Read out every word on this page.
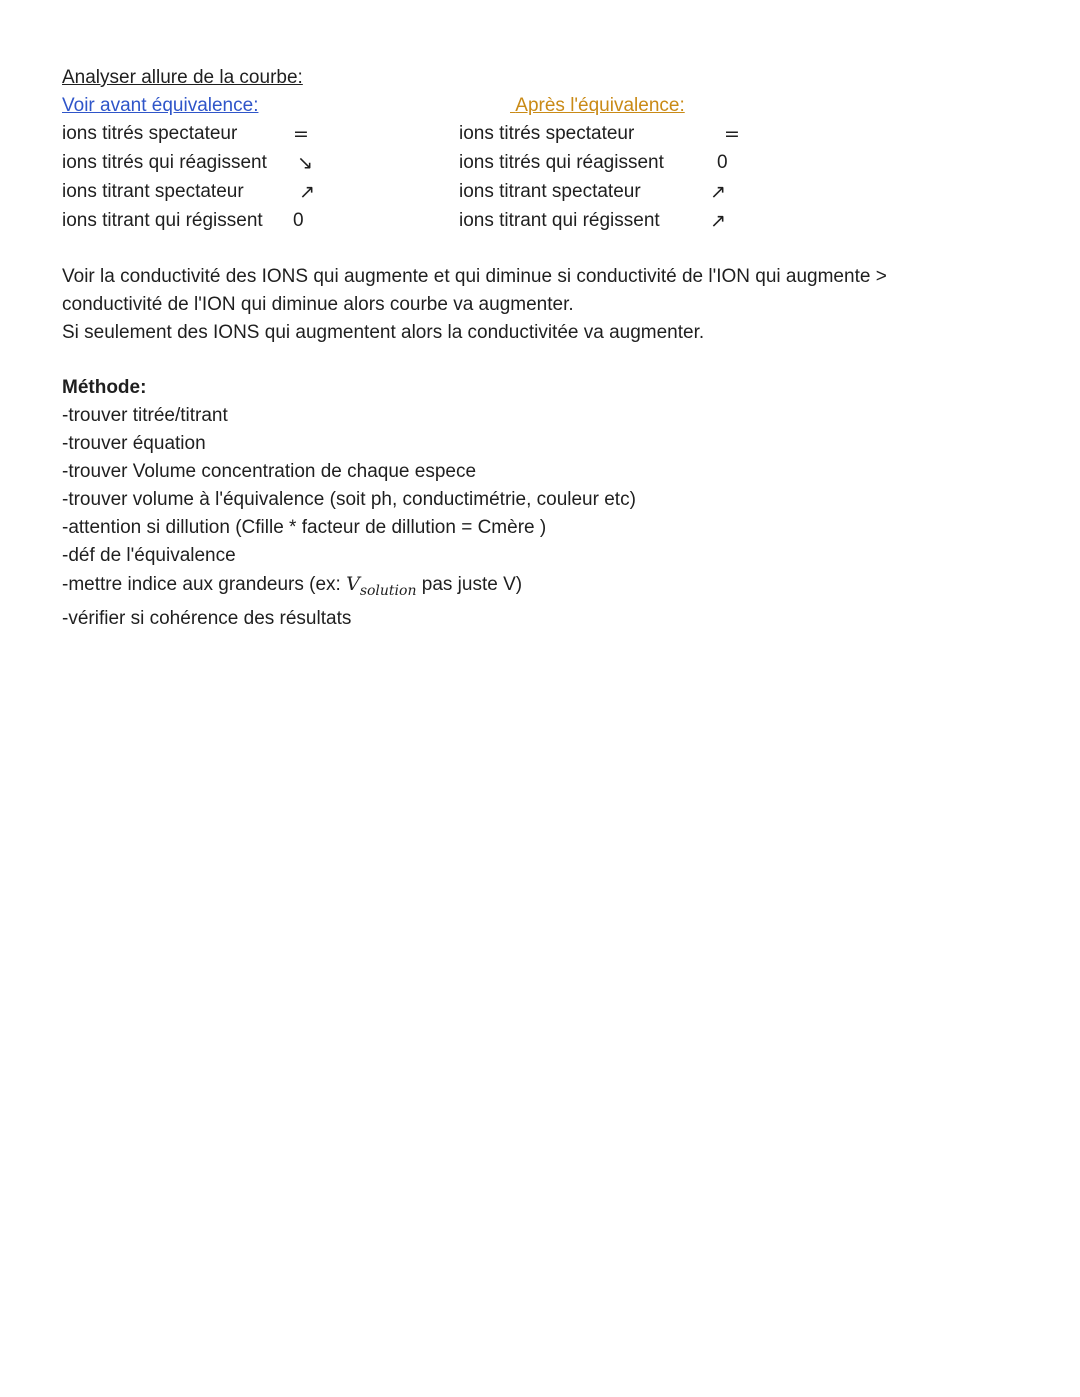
Analyser allure de la courbe:
Voir avant équivalence:
ions titrés spectateur	=
ions titrés qui réagissent ↘
ions titrant spectateur	↗
ions titrant qui régissent 0
Après l'équivalence:
ions titrés spectateur	=
ions titrés qui réagissent	0
ions titrant spectateur	↗
ions titrant qui régissent	↗
Voir la conductivité des IONS qui augmente et qui diminue si conductivité de l'ION qui augmente >
conductivité de l'ION qui diminue alors courbe va augmenter.
Si seulement des IONS qui augmentent alors la conductivitée va augmenter.
Méthode:
-trouver titrée/titrant
-trouver équation
-trouver Volume concentration de chaque espece
-trouver volume à l'équivalence (soit ph, conductimétrie, couleur etc)
-attention si dillution (Cfille * facteur de dillution = Cmère )
-déf de l'équivalence
-mettre indice aux grandeurs (ex: $V_{solution}$ pas juste V)
-vérifier si cohérence des résultats
